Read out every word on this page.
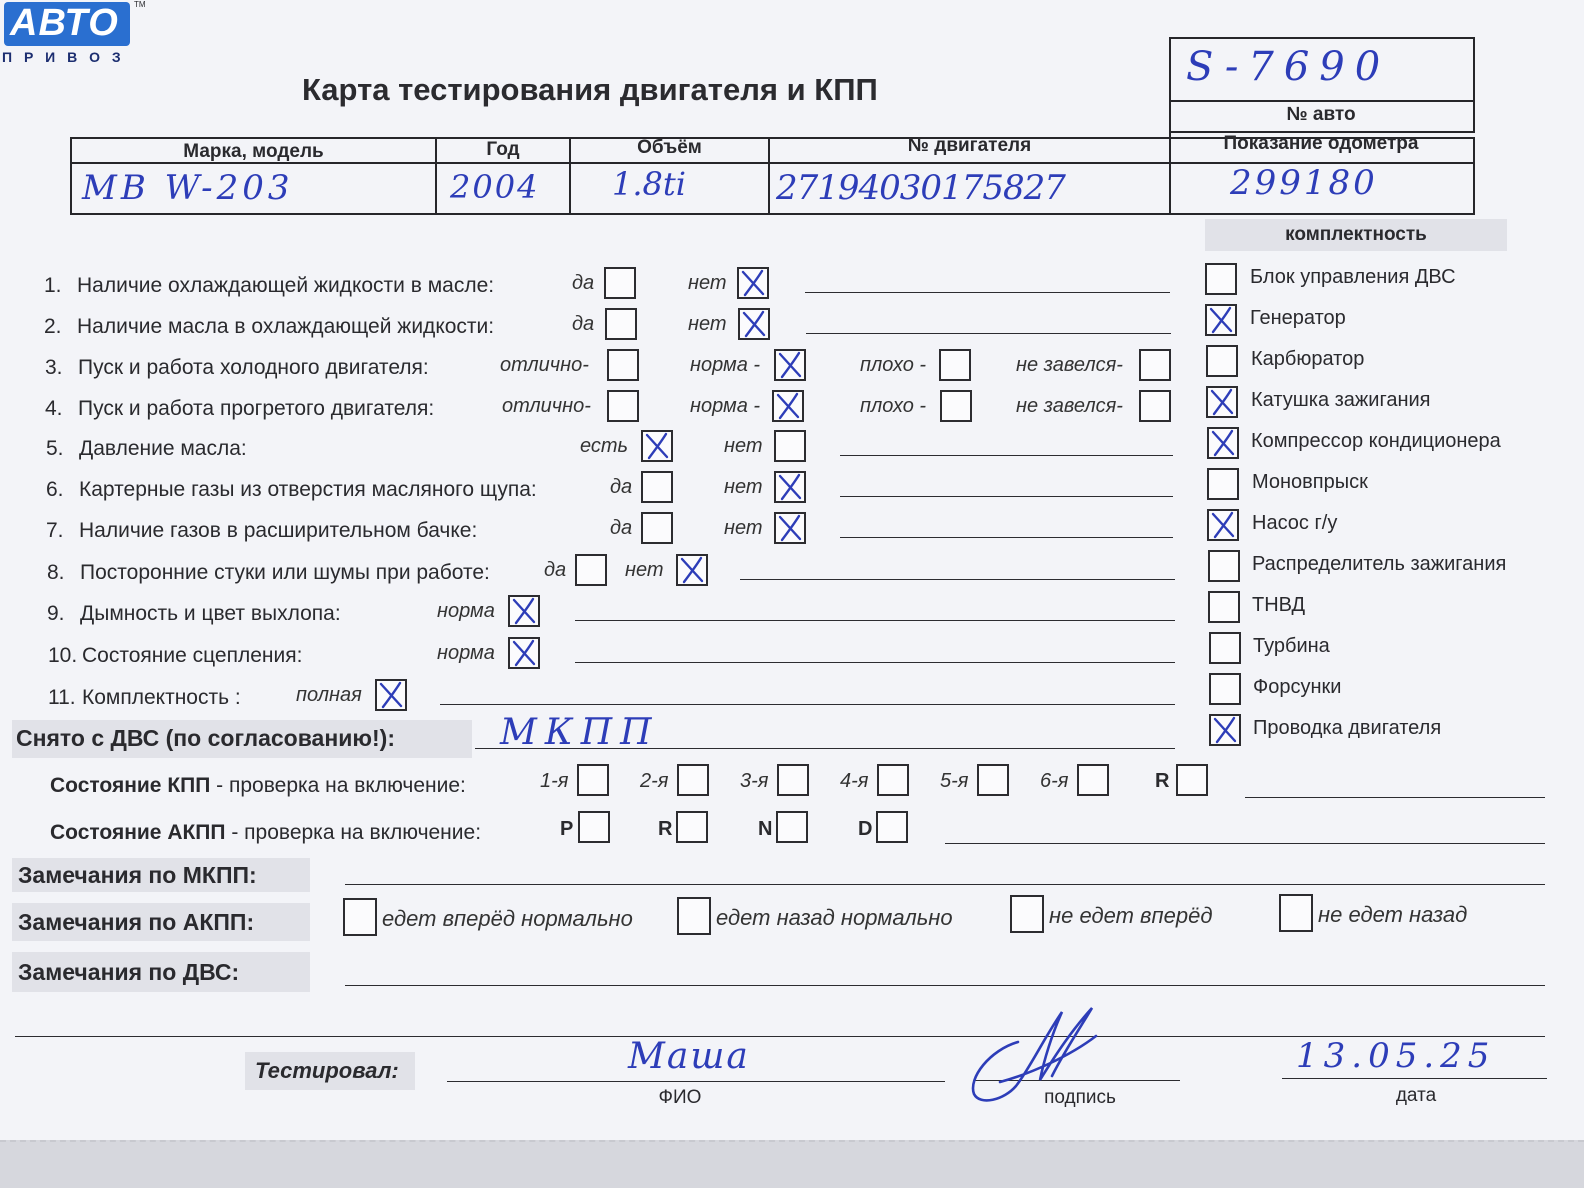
АВТО TM
П Р И В О З
Карта тестирования двигателя и КПП	S-7690
№ авто
Марка, модель	Год	Объём	№ двигателя	Показание одометра
МВ W-203	2004 1.8ti	27194030175827	299180
комплектность
Блок управления ДВС
Генератор
Карбюратор
Катушка зажигания
Компрессор кондиционера
Моновпрыск
Насос г/у
Распределитель зажигания
ТНВД
Турбина
Форсунки
Проводка двигателя
1. Наличие охлаждающей жидкости в масле:	да	нет
2. Наличие масла в охлаждающей жидкости:	да	нет
3. Пуск и работа холодного двигателя:	отлично-	норма -	плохо -	не завелся-
4. Пуск и работа прогретого двигателя:	отлично-	норма -	плохо -	не завелся-
5. Давление масла:	есть	нет
6. Картерные газы из отверстия масляного щупа:	да	нет
7. Наличие газов в расширительном бачке:	да	нет
8. Посторонние стуки или шумы при работе:	да	нет
9. Дымность и цвет выхлопа:	норма
10. Состояние сцепления:	норма
11. Комплектность :	полная
Снято с ДВС (по согласованию!):	МКПП
Состояние КПП - проверка на включение:	1-я	2-я	3-я	4-я	5-я	6-я	R
Состояние АКПП - проверка на включение:	P	R	N	D
Замечания по МКПП:
Замечания по АКПП:	едет вперёд нормально	едет назад нормально	не едет вперёд	не едет назад
Замечания по ДВС:
Тестировал:	Маша
ФИО	подпись
13.05.25
дата
